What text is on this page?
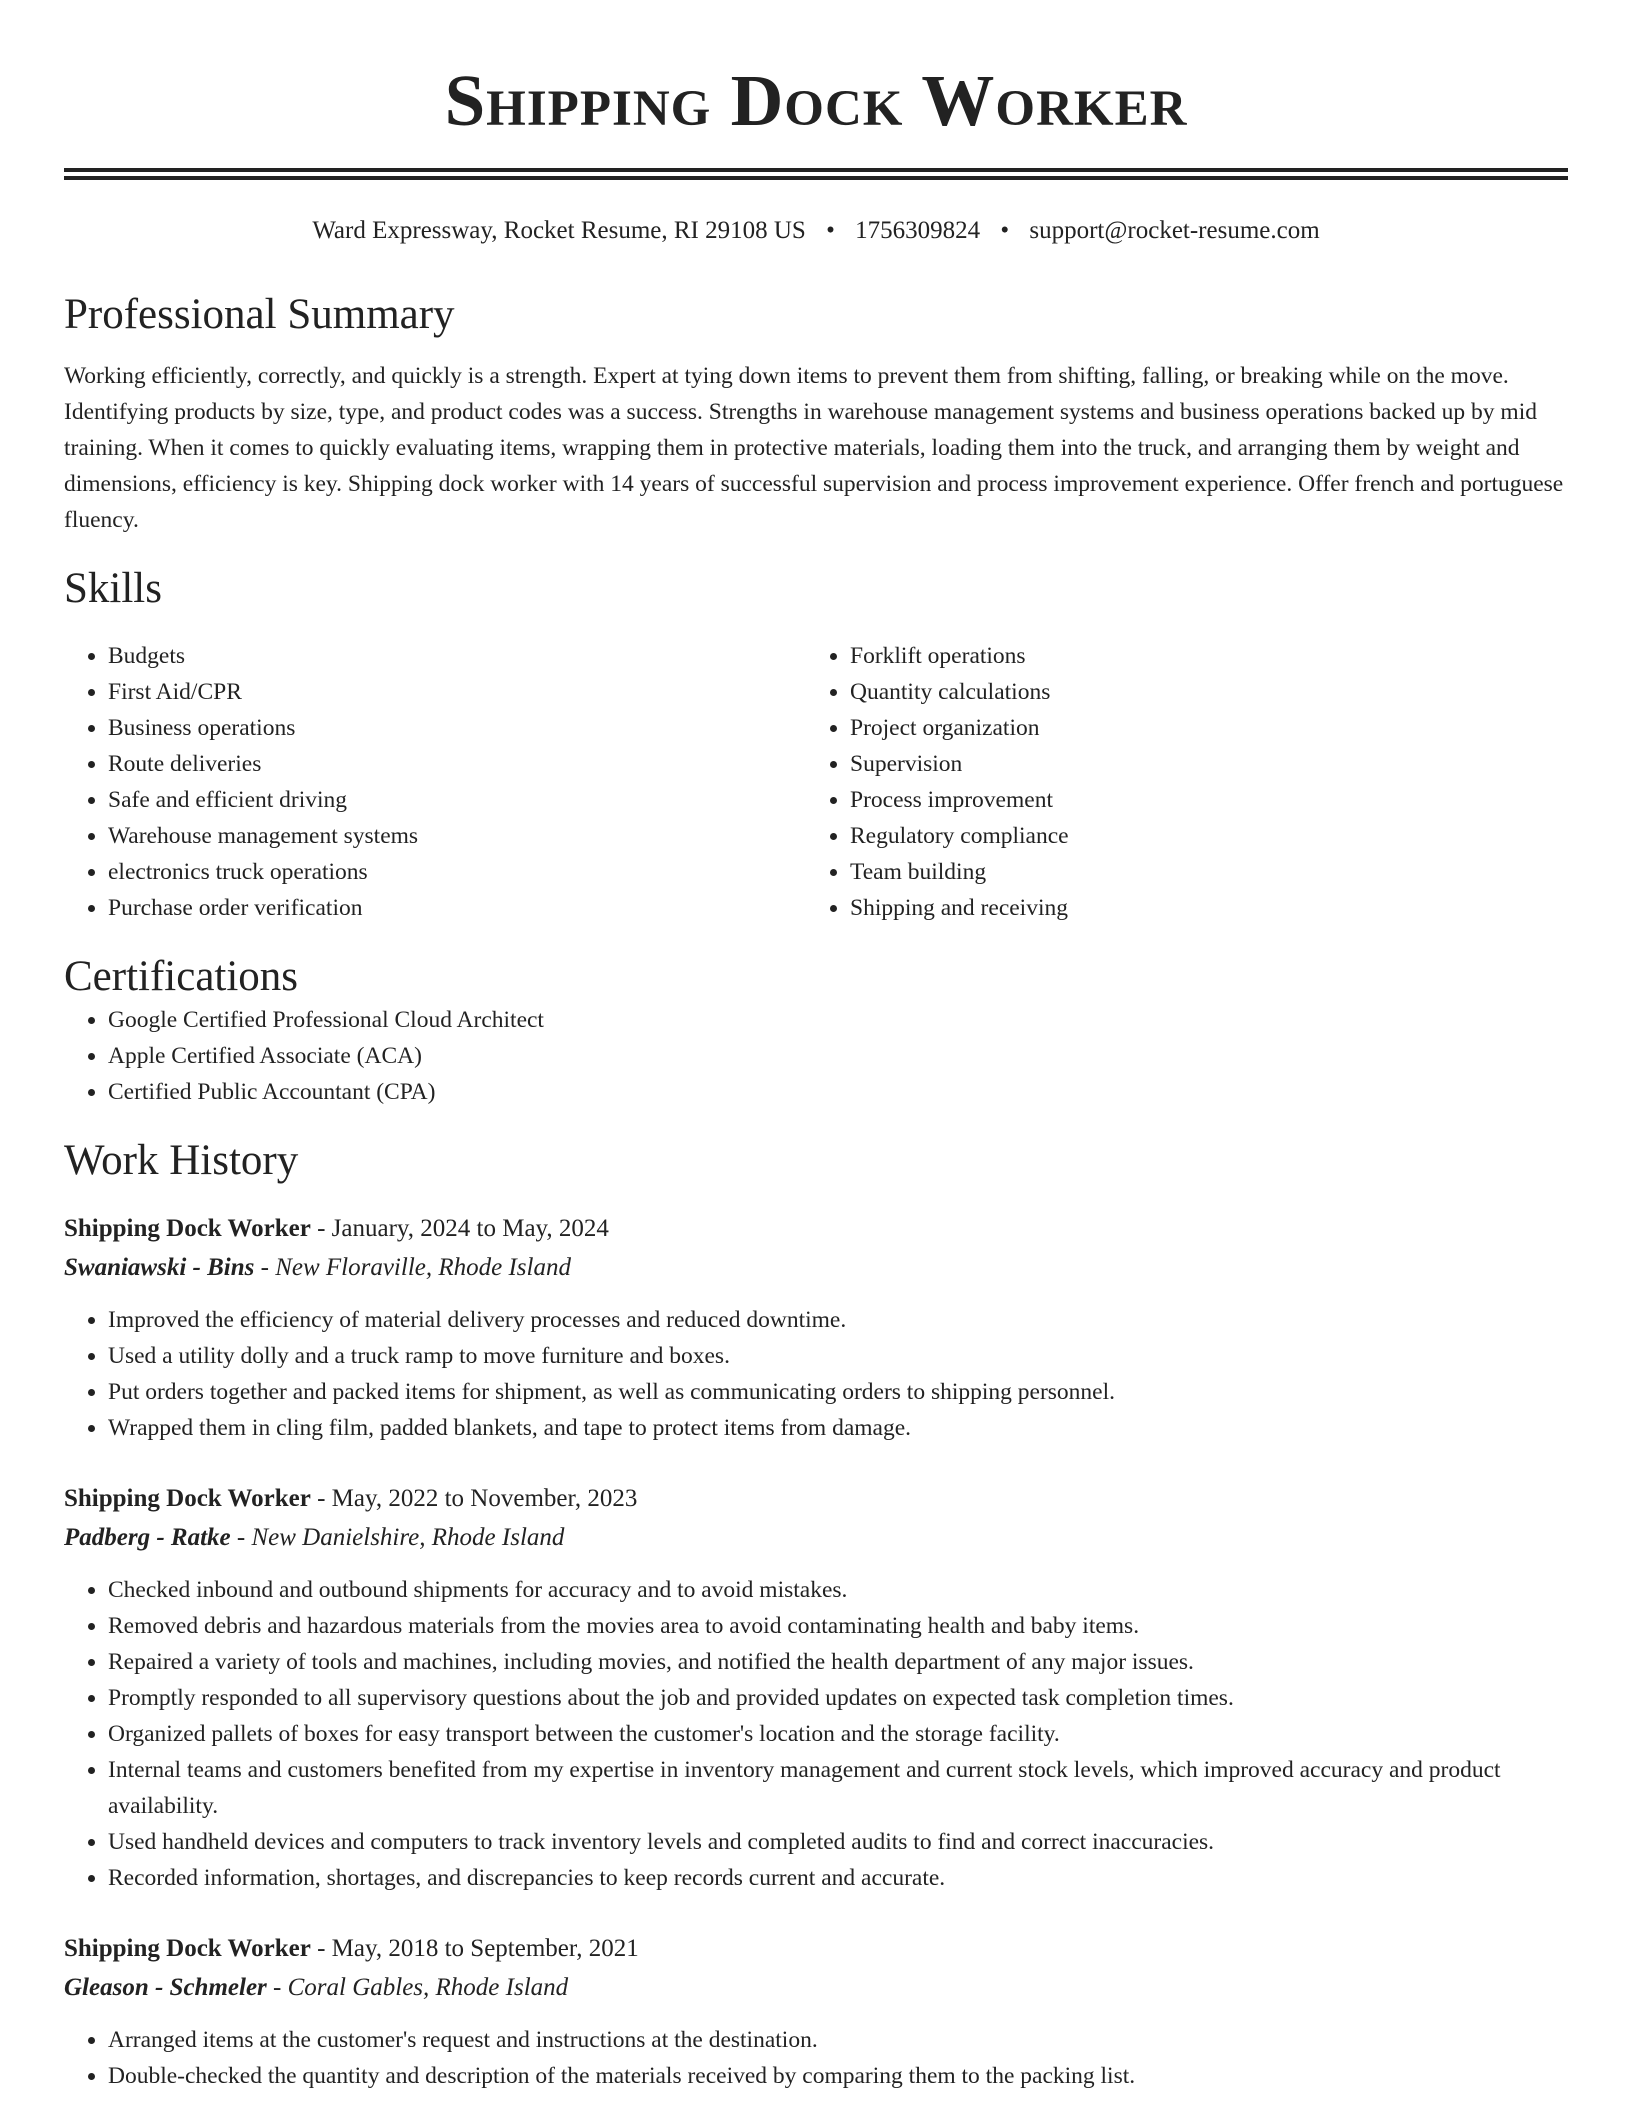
Shipping Dock Worker
Ward Expressway, Rocket Resume, RI 29108 US • 1756309824 • support@rocket-resume.com
Professional Summary

Working efficiently, correctly, and quickly is a strength. Expert at tying down items to prevent them from shifting, falling, or breaking while on the move. Identifying products by size, type, and product codes was a success. Strengths in warehouse management systems and business operations backed up by mid training. When it comes to quickly evaluating items, wrapping them in protective materials, loading them into the truck, and arranging them by weight and dimensions, efficiency is key. Shipping dock worker with 14 years of successful supervision and process improvement experience. Offer french and portuguese fluency.

Skills
• Budgets
• First Aid/CPR
• Business operations
• Route deliveries
• Safe and efficient driving
• Warehouse management systems
• electronics truck operations
• Purchase order verification
• Forklift operations
• Quantity calculations
• Project organization
• Supervision
• Process improvement
• Regulatory compliance
• Team building
• Shipping and receiving
Certifications
• Google Certified Professional Cloud Architect
• Apple Certified Associate (ACA)
• Certified Public Accountant (CPA)
Work History
Shipping Dock Worker - January, 2024 to May, 2024
Swaniawski - Bins - New Floraville, Rhode Island
• Improved the efficiency of material delivery processes and reduced downtime.
• Used a utility dolly and a truck ramp to move furniture and boxes.
• Put orders together and packed items for shipment, as well as communicating orders to shipping personnel.
• Wrapped them in cling film, padded blankets, and tape to protect items from damage.
Shipping Dock Worker - May, 2022 to November, 2023
Padberg - Ratke - New Danielshire, Rhode Island
• Checked inbound and outbound shipments for accuracy and to avoid mistakes.
• Removed debris and hazardous materials from the movies area to avoid contaminating health and baby items.
• Repaired a variety of tools and machines, including movies, and notified the health department of any major issues.
• Promptly responded to all supervisory questions about the job and provided updates on expected task completion times.
• Organized pallets of boxes for easy transport between the customer's location and the storage facility.
• Internal teams and customers benefited from my expertise in inventory management and current stock levels, which improved accuracy and product availability.
• Used handheld devices and computers to track inventory levels and completed audits to find and correct inaccuracies.
• Recorded information, shortages, and discrepancies to keep records current and accurate.
Shipping Dock Worker - May, 2018 to September, 2021
Gleason - Schmeler - Coral Gables, Rhode Island
• Arranged items at the customer's request and instructions at the destination.
• Double-checked the quantity and description of the materials received by comparing them to the packing list.
